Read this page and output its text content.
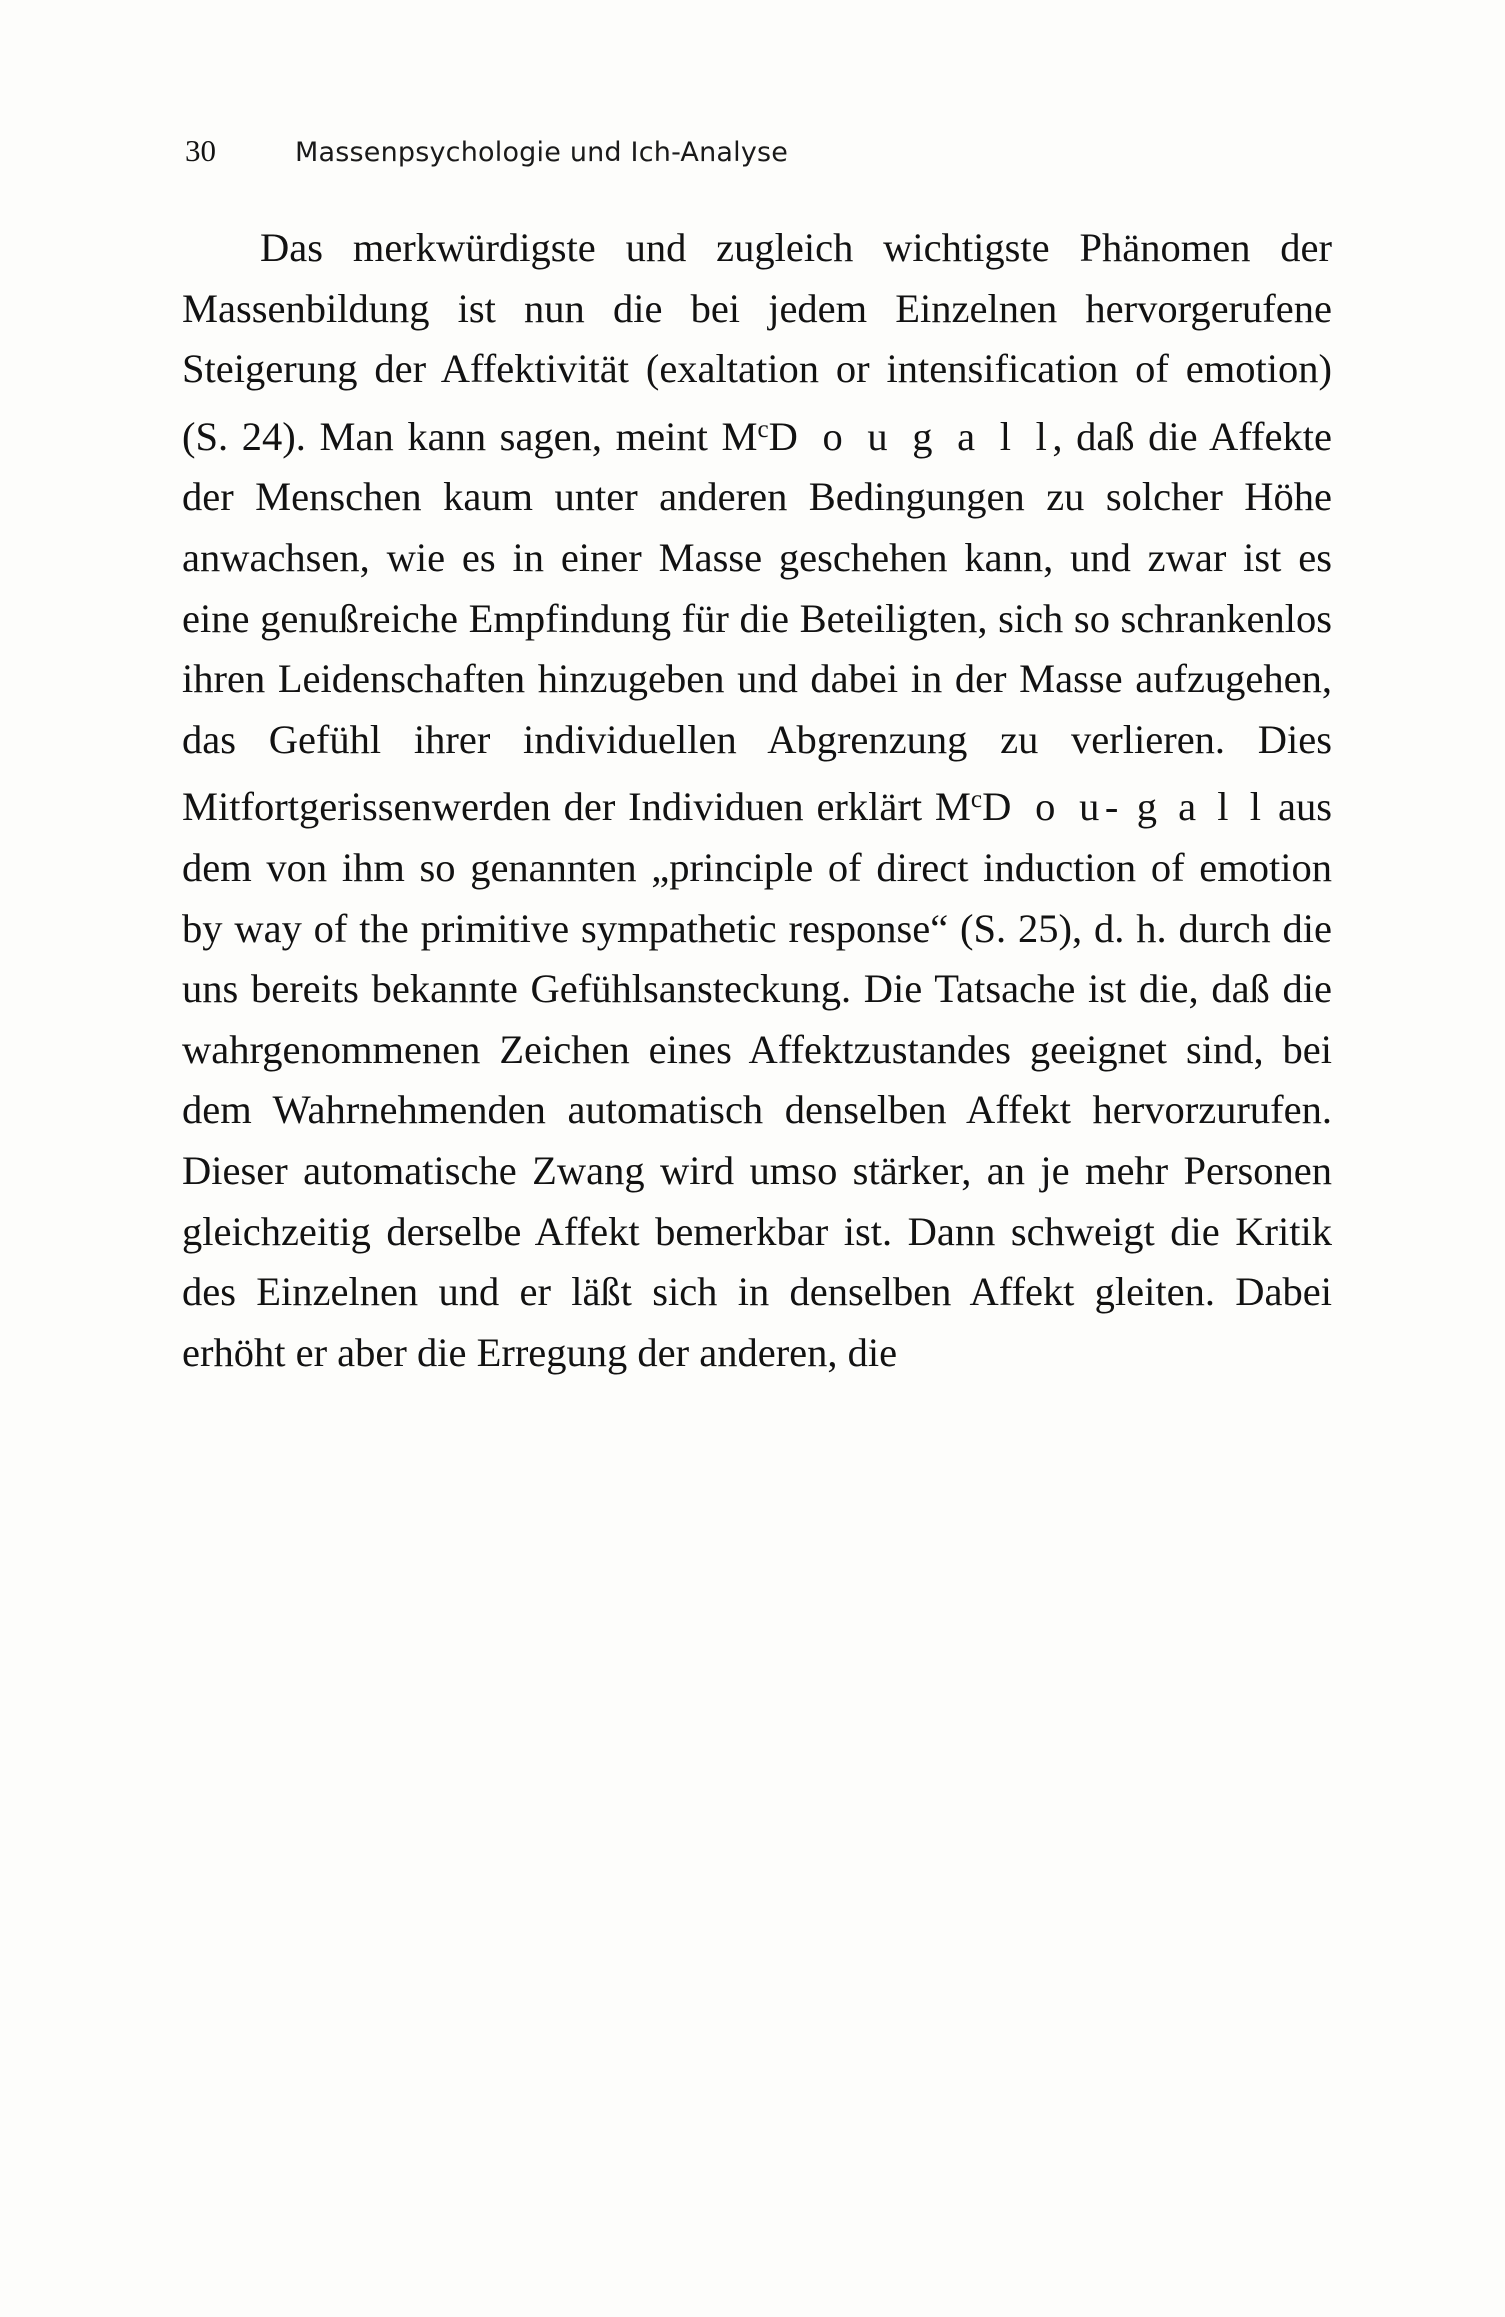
30	Massenpsychologie und Ich-Analyse

Das merkwürdigste und zugleich wichtigste Phänomen der Massenbildung ist nun die bei jedem Einzelnen hervorgerufene Steigerung der Affektivität (exaltation or intensification of emotion) (S. 24). Man kann sagen, meint $M^cD$ o u g a l l, daß die Affekte der Menschen kaum unter anderen Bedingungen zu solcher Höhe anwachsen, wie es in einer Masse geschehen kann, und zwar ist es eine genußreiche Empfindung für die Beteiligten, sich so schrankenlos ihren Leidenschaften hinzugeben und dabei in der Masse aufzugehen, das Gefühl ihrer individuellen Abgrenzung zu verlieren. Dies Mitfortgerissenwerden der Individuen erklärt $M^cD$ o u- g a l l aus dem von ihm so genannten „principle of direct induction of emotion by way of the primitive sympathetic response“ (S. 25), d. h. durch die uns bereits bekannte Gefühlsansteckung. Die Tatsache ist die, daß die wahrgenommenen Zeichen eines Affektzustandes geeignet sind, bei dem Wahrnehmenden automatisch denselben Affekt hervorzurufen. Dieser automatische Zwang wird umso stärker, an je mehr Personen gleichzeitig derselbe Affekt bemerkbar ist. Dann schweigt die Kritik des Einzelnen und er läßt sich in denselben Affekt gleiten. Dabei erhöht er aber die Erregung der anderen, die
